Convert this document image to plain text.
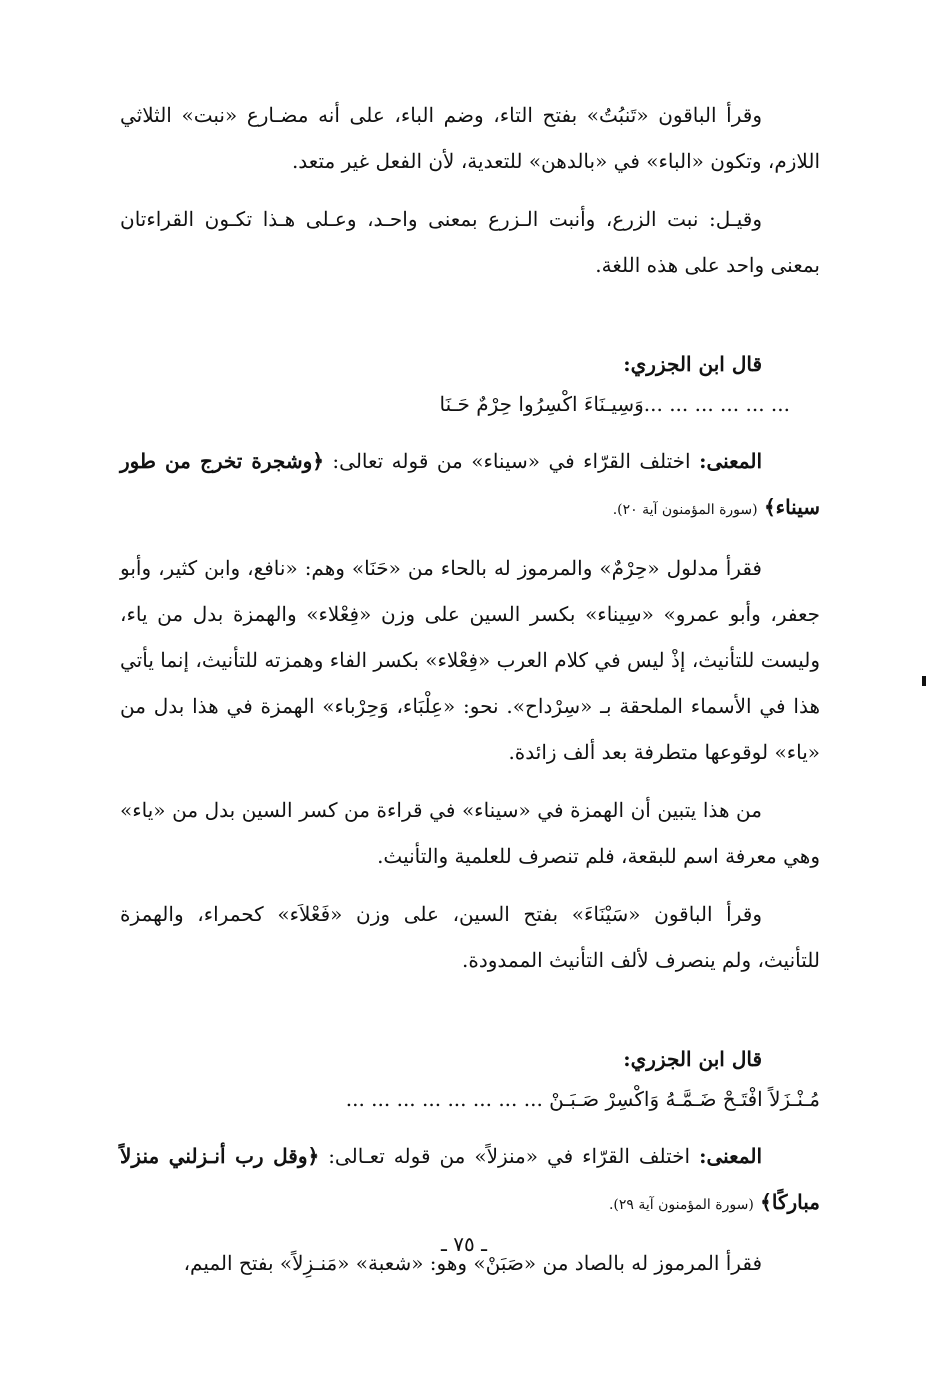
وقرأ الباقون «تَنبُتُ» بفتح التاء، وضم الباء، على أنه مضـارع «نبت» الثلاثي اللازم، وتكون «الباء» في «بالدهن» للتعدية، لأن الفعل غير متعد.

وقيـل: نبت الزرع، وأنبت الـزرع بمعنى واحـد، وعـلى هـذا تكـون القراءتان بمعنى واحد على هذه اللغة.

قال ابن الجزري:

... ... ... ... ... ...وَسِيـنَاءَ اكْسِرُوا حِرْمٌ حَـنَا

المعنى: اختلف القرّاء في «سيناء» من قوله تعالى: ﴿وشجرة تخرج من طور سيناء﴾ (سورة المؤمنون آية ٢٠).

فقرأ مدلول «حِرْمٌ» والمرموز له بالحاء من «حَنَا» وهم: «نافع، وابن كثير، وأبو جعفر، وأبو عمرو» «سِيناء» بكسر السين على وزن «فِعْلاء» والهمزة بدل من ياء، وليست للتأنيث، إذْ ليس في كلام العرب «فِعْلاء» بكسر الفاء وهمزته للتأنيث، إنما يأتي هذا في الأسماء الملحقة بـ «سِرْداح». نحو: «عِلْبَاء، وَحِرْباء» الهمزة في هذا بدل من «ياء» لوقوعها متطرفة بعد ألف زائدة.

من هذا يتبين أن الهمزة في «سيناء» في قراءة من كسر السين بدل من «ياء» وهي معرفة اسم للبقعة، فلم تنصرف للعلمية والتأنيث.

وقرأ الباقون «سَيْنَاءَ» بفتح السين، على وزن «فَعْلاَء» كحمراء، والهمزة للتأنيث، ولم ينصرف لألف التأنيث الممدودة.

قال ابن الجزري:

مُـنْـزَلاً افْتَـحْ ضَـمَّـهُ وَاكْسِرْ صَـبَـنْ ... ... ... ... ... ... ... ...

المعنى: اختلف القرّاء في «منزلاً» من قوله تعـالى: ﴿وقل رب أنـزلني منزلاً مباركًا﴾ (سورة المؤمنون آية ٢٩).

فقرأ المرموز له بالصاد من «صَبَنْ» وهو: «شعبة» «مَنـزِلاً» بفتح الميم،

ـ ٧٥ ـ
